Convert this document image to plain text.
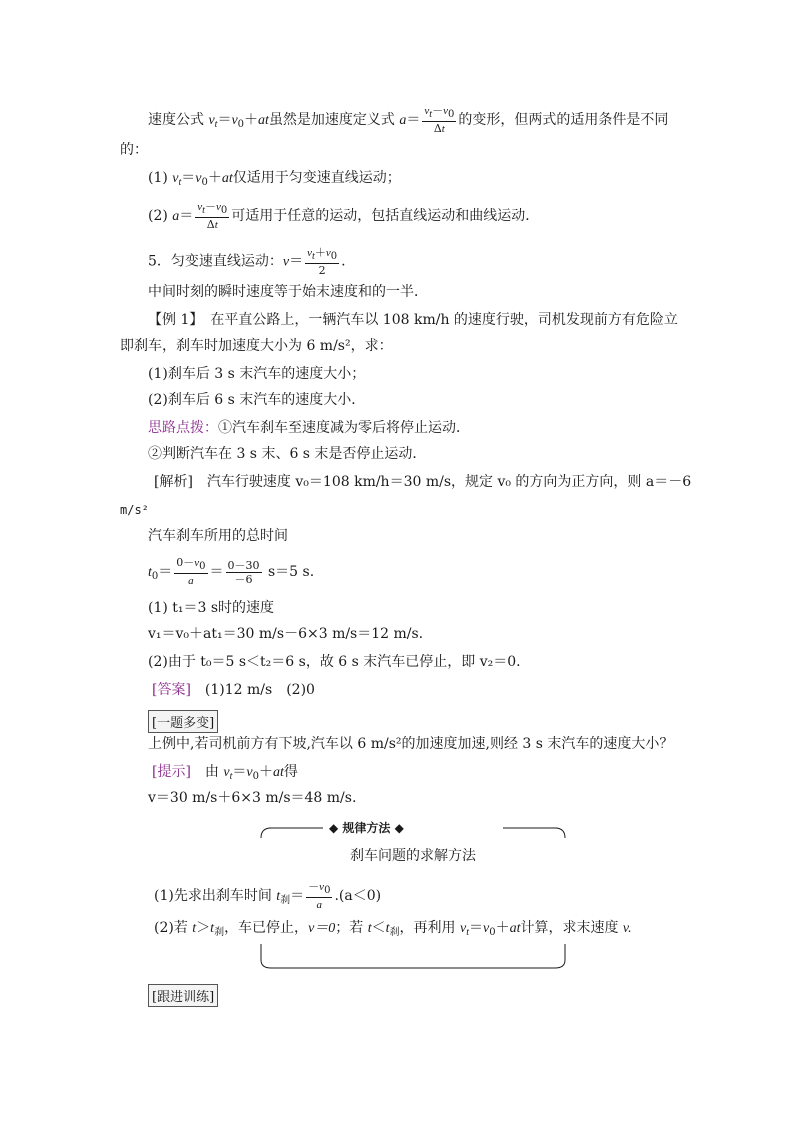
速度公式 $v_t=v_0+at$虽然是加速度定义式 $a= \frac{vt-v0}{\Delta t}$ 的变形，但两式的适用条件是不同
的：
(1) $v_t=v_0+at$仅适用于匀变速直线运动；
(2) $a= \frac{vt-v0}{\Delta t}$ 可适用于任意的运动，包括直线运动和曲线运动．
5．匀变速直线运动：$v= \frac{vt+v0}{2}$ .
中间时刻的瞬时速度等于始末速度和的一半．
【例 1】　在平直公路上，一辆汽车以 108 km/h 的速度行驶，司机发现前方有危险立
即刹车，刹车时加速度大小为 6 m/s²，求：
(1)刹车后 3 s 末汽车的速度大小；
(2)刹车后 6 s 末汽车的速度大小．
思路点拨：①汽车刹车至速度减为零后将停止运动．
②判断汽车在 3 s 末、6 s 末是否停止运动．
[解析]　汽车行驶速度 v₀＝108 km/h＝30 m/s，规定 v₀ 的方向为正方向，则 a＝－6
m/s²
汽车刹车所用的总时间
$t_0= \frac{0-v0}{a} = \frac{0-30}{-6} s=5$ s.
(1) t₁＝3 s时的速度
v₁＝v₀＋at₁＝30 m/s－6×3 m/s＝12 m/s.
(2)由于 t₀＝5 s＜t₂＝6 s，故 6 s 末汽车已停止，即 v₂＝0.
[答案]　(1)12 m/s　(2)0
[一题多变]
上例中,若司机前方有下坡,汽车以 6 m/s²的加速度加速,则经 3 s 末汽车的速度大小？
[提示]　由 $v_t=v_0+at$得
v＝30 m/s＋6×3 m/s＝48 m/s.
◆ 规律方法 ◆
刹车问题的求解方法
(1)先求出刹车时间 $t_刹= \frac{-v0}{a} .(a<0)$
(2)若 $t>t_刹$，车已停止，v＝0；若 $t<t_刹$，再利用 $v_t=v_0+at$计算，求末速度 v.
[跟进训练]
